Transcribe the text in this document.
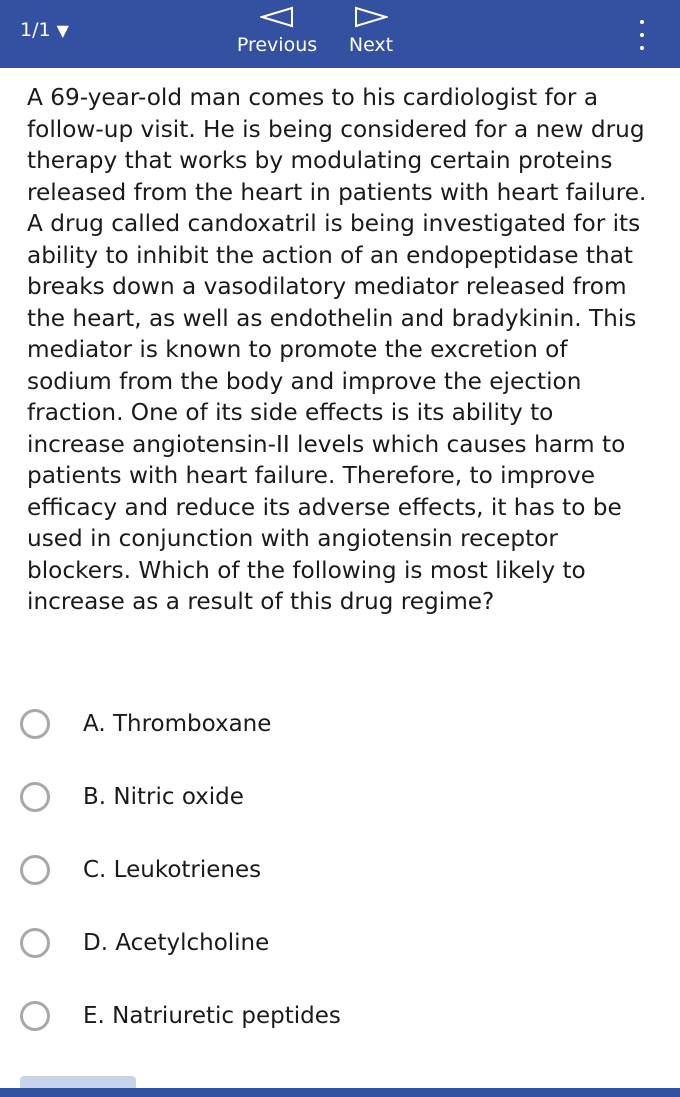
1/1 ▼
Previous Next

A 69-year-old man comes to his cardiologist for a follow-up visit. He is being considered for a new drug therapy that works by modulating certain proteins released from the heart in patients with heart failure. A drug called candoxatril is being investigated for its ability to inhibit the action of an endopeptidase that breaks down a vasodilatory mediator released from the heart, as well as endothelin and bradykinin. This mediator is known to promote the excretion of sodium from the body and improve the ejection fraction. One of its side effects is its ability to increase angiotensin-II levels which causes harm to patients with heart failure. Therefore, to improve efficacy and reduce its adverse effects, it has to be used in conjunction with angiotensin receptor blockers. Which of the following is most likely to increase as a result of this drug regime?

A. Thromboxane
B. Nitric oxide
C. Leukotrienes
D. Acetylcholine
E. Natriuretic peptides
